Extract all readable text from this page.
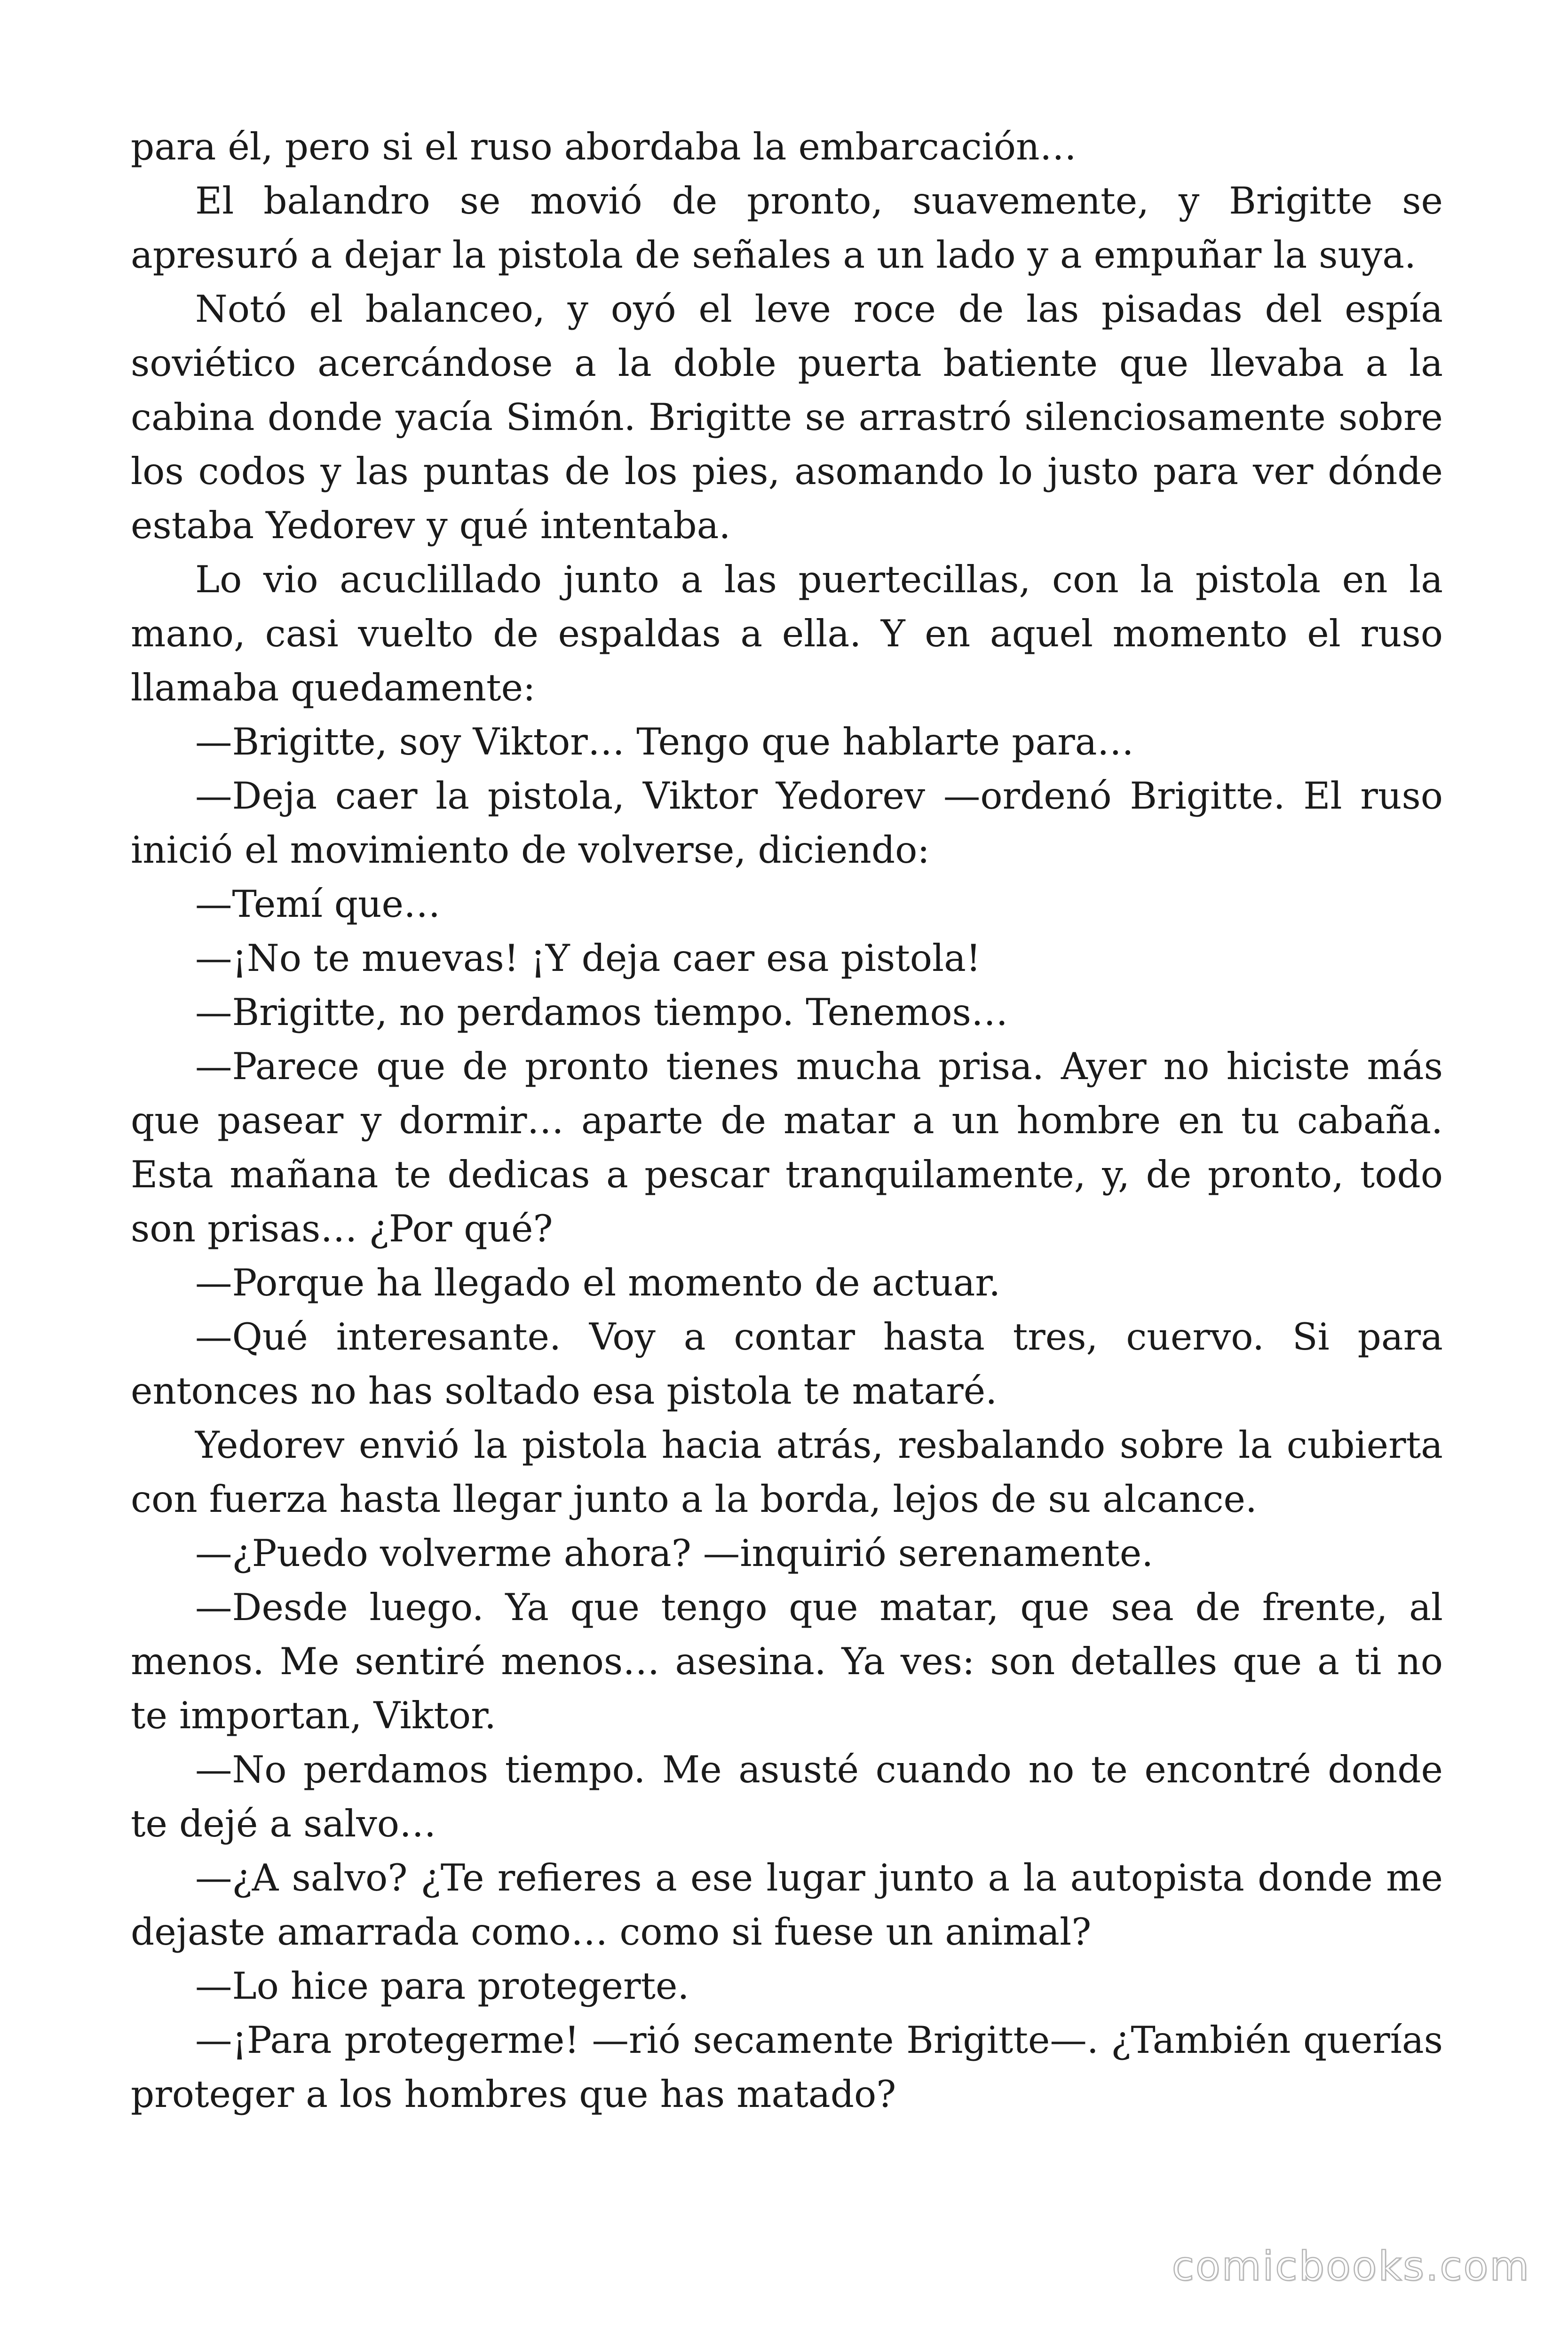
para él, pero si el ruso abordaba la embarcación…

El balandro se movió de pronto, suavemente, y Brigitte se apresuró a dejar la pistola de señales a un lado y a empuñar la suya.

Notó el balanceo, y oyó el leve roce de las pisadas del espía soviético acercándose a la doble puerta batiente que llevaba a la cabina donde yacía Simón. Brigitte se arrastró silenciosamente sobre los codos y las puntas de los pies, asomando lo justo para ver dónde estaba Yedorev y qué intentaba.

Lo vio acuclillado junto a las puertecillas, con la pistola en la mano, casi vuelto de espaldas a ella. Y en aquel momento el ruso llamaba quedamente:

—Brigitte, soy Viktor… Tengo que hablarte para…

—Deja caer la pistola, Viktor Yedorev —ordenó Brigitte. El ruso inició el movimiento de volverse, diciendo:

—Temí que…

—¡No te muevas! ¡Y deja caer esa pistola!

—Brigitte, no perdamos tiempo. Tenemos…

—Parece que de pronto tienes mucha prisa. Ayer no hiciste más que pasear y dormir… aparte de matar a un hombre en tu cabaña. Esta mañana te dedicas a pescar tranquilamente, y, de pronto, todo son prisas… ¿Por qué?

—Porque ha llegado el momento de actuar.

—Qué interesante. Voy a contar hasta tres, cuervo. Si para entonces no has soltado esa pistola te mataré.

Yedorev envió la pistola hacia atrás, resbalando sobre la cubierta con fuerza hasta llegar junto a la borda, lejos de su alcance.

—¿Puedo volverme ahora? —inquirió serenamente.

—Desde luego. Ya que tengo que matar, que sea de frente, al menos. Me sentiré menos… asesina. Ya ves: son detalles que a ti no te importan, Viktor.

—No perdamos tiempo. Me asusté cuando no te encontré donde te dejé a salvo…

—¿A salvo? ¿Te refieres a ese lugar junto a la autopista donde me dejaste amarrada como… como si fuese un animal?

—Lo hice para protegerte.

—¡Para protegerme! —rió secamente Brigitte—. ¿También querías proteger a los hombres que has matado?

comicbooks.com
